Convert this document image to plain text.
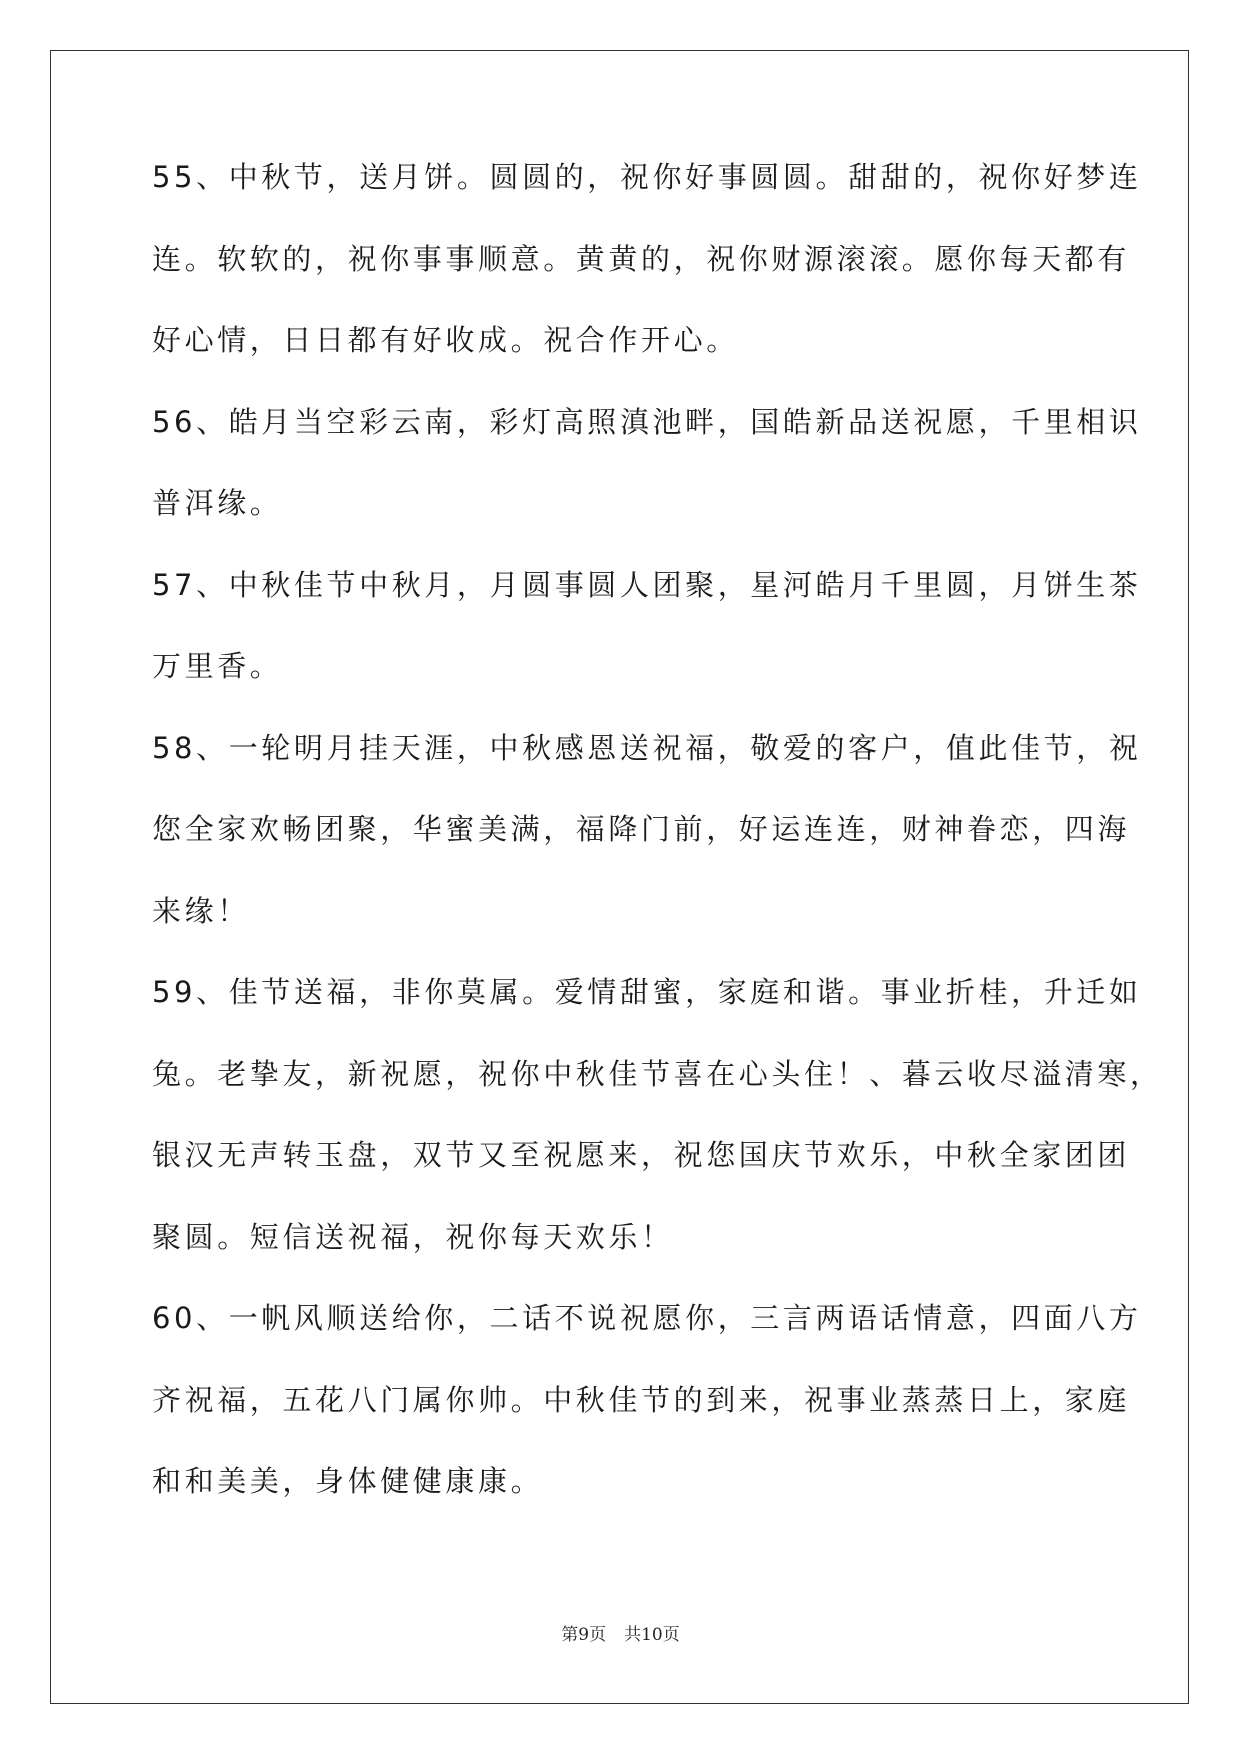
55、中秋节，送月饼。圆圆的，祝你好事圆圆。甜甜的，祝你好梦连
连。软软的，祝你事事顺意。黄黄的，祝你财源滚滚。愿你每天都有
好心情，日日都有好收成。祝合作开心。
56、皓月当空彩云南，彩灯高照滇池畔，国皓新品送祝愿，千里相识
普洱缘。
57、中秋佳节中秋月，月圆事圆人团聚，星河皓月千里圆，月饼生茶
万里香。
58、一轮明月挂天涯，中秋感恩送祝福，敬爱的客户，值此佳节，祝
您全家欢畅团聚，华蜜美满，福降门前，好运连连，财神眷恋，四海
来缘！
59、佳节送福，非你莫属。爱情甜蜜，家庭和谐。事业折桂，升迁如
兔。老挚友，新祝愿，祝你中秋佳节喜在心头住！、暮云收尽溢清寒，
银汉无声转玉盘，双节又至祝愿来，祝您国庆节欢乐，中秋全家团团
聚圆。短信送祝福，祝你每天欢乐！
60、一帆风顺送给你，二话不说祝愿你，三言两语话情意，四面八方
齐祝福，五花八门属你帅。中秋佳节的到来，祝事业蒸蒸日上，家庭
和和美美，身体健健康康。
第9页 共10页
